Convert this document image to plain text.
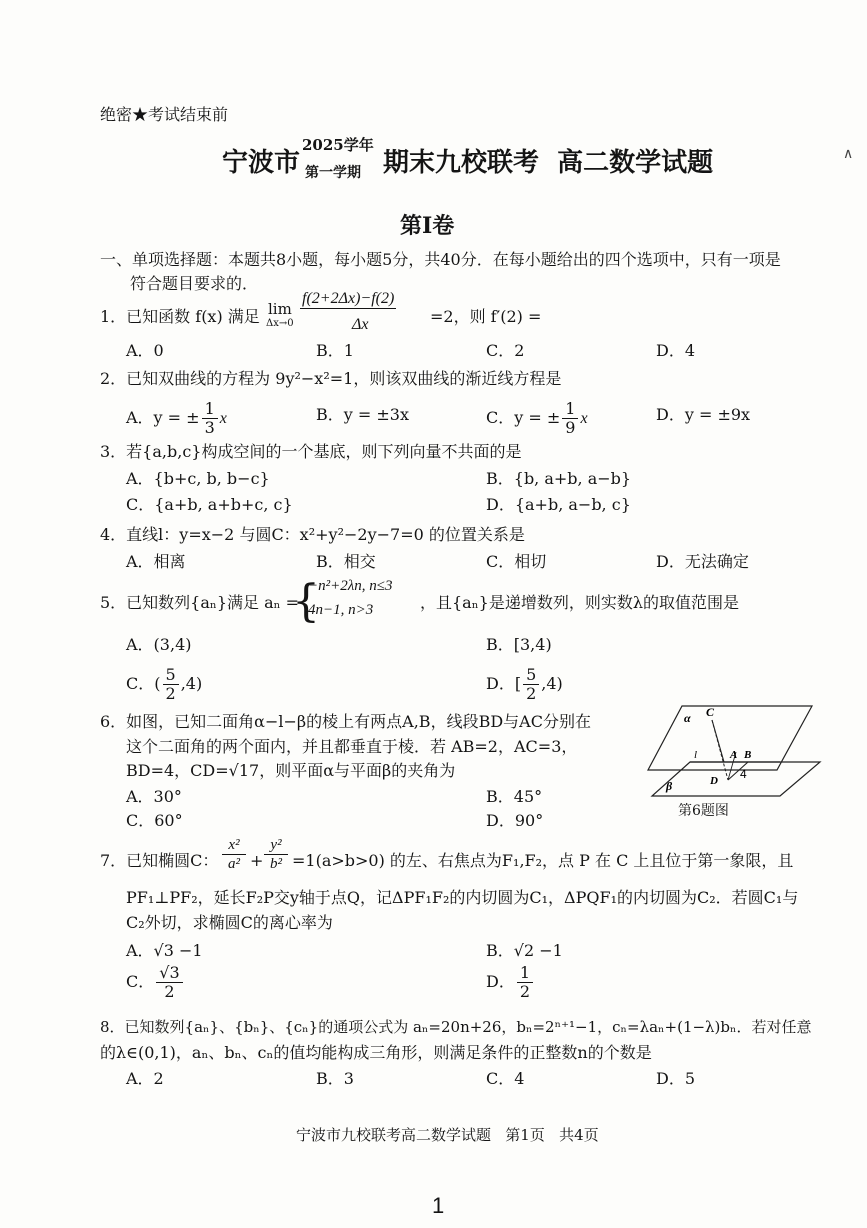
绝密★考试结束前
宁波市
2025学年
第一学期 期末九校联考  高二数学试题
第Ⅰ卷
一、单项选择题：本题共8小题，每小题5分，共40分．在每小题给出的四个选项中，只有一项是
符合题目要求的．
1．已知函数 f(x) 满足 lim
Δx→0
f(2+2Δx)−f(2)
Δx	=2，则 f′(2) =
A．0	B．1	C．2	D．4
2．已知双曲线的方程为 9y²−x²=1，则该双曲线的渐近线方程是
A．y = ± $\frac{1}{3}$ x	B．y = ±3x	C．y = ± $\frac{1}{9}$ x	D．y = ±9x
3．若{a,b,c}构成空间的一个基底，则下列向量不共面的是
A．{b+c, b, b−c}	B．{b, a+b, a−b}
C．{a+b, a+b+c, c}	D．{a+b, a−b, c}
4．直线l：y=x−2 与圆C：x²+y²−2y−7=0 的位置关系是
A．相离	B．相交	C．相切	D．无法确定
5．已知数列{aₙ}满足 aₙ =
{
−n²+2λn, n≤3
4n−1, n>3	，且{aₙ}是递增数列，则实数λ的取值范围是
A．(3,4)	B．[3,4)
C．( $\frac{5}{2} ,4$)	D．[ $\frac{5}{2} ,4$)
6．如图，已知二面角α−l−β的棱上有两点A,B，线段BD与AC分别在
这个二面角的两个面内，并且都垂直于棱．若 AB=2，AC=3，
BD=4，CD=√17，则平面α与平面β的夹角为
A．30°	B．45°
C．60°	D．90°
α C
l	A B
β	D 4
第6题图
7．已知椭圆C： $\frac{\text{x²}}{\text{a²}} + \frac{\text{y²}}{\text{b²}} =1(a>b>0)$ 的左、右焦点为F₁,F₂，点 P 在 C 上且位于第一象限，且
PF₁⊥PF₂，延长F₂P交y轴于点Q，记ΔPF₁F₂的内切圆为C₁，ΔPQF₁的内切圆为C₂．若圆C₁与
C₂外切，求椭圆C的离心率为
A．√3 −1	B．√2 −1
C． $\frac{√3}{2}$	D． $\frac{1}{2}$
8．已知数列{aₙ}、{bₙ}、{cₙ}的通项公式为 aₙ=20n+26，bₙ=2ⁿ⁺¹−1，cₙ=λaₙ+(1−λ)bₙ．若对任意
的λ∈(0,1)，aₙ、bₙ、cₙ的值均能构成三角形，则满足条件的正整数n的个数是
A．2	B．3	C．4	D．5
宁波市九校联考高二数学试题   第1页   共4页
1
∧
